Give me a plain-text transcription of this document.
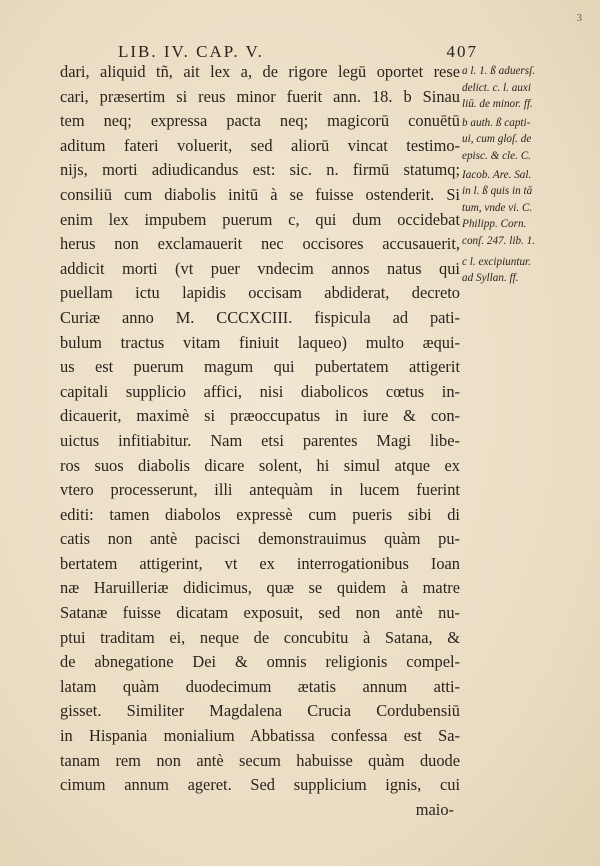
3
LIB. IV. CAP. V.	407
dari, aliquid tñ, ait lex a, de rigore legū oportet rese
cari, præsertim si reus minor fuerit ann. 18. b Sinau
tem neq; expressa pacta neq; magicorū conuētū
aditum fateri voluerit, sed aliorū vincat testimo-
nijs, morti adiudicandus est: sic. n. firmū statumq;
consiliū cum diabolis initū à se fuisse ostenderit. Si
enim lex impubem puerum c, qui dum occidebat
herus non exclamauerit nec occisores accusauerit,
addicit morti (vt puer vndecim annos natus qui
puellam ictu lapidis occisam abdiderat, decreto
Curiæ anno M. CCCXCIII. fispicula ad pati-
bulum tractus vitam finiuit laqueo) multo æqui-
us est puerum magum qui pubertatem attigerit
capitali supplicio affici, nisi diabolicos cœtus in-
dicauerit, maximè si præoccupatus in iure & con-
uictus infitiabitur. Nam etsi parentes Magi libe-
ros suos diabolis dicare solent, hi simul atque ex
vtero processerunt, illi antequàm in lucem fuerint
editi: tamen diabolos expressè cum pueris sibi di
catis non antè pacisci demonstrauimus quàm pu-
bertatem attigerint, vt ex interrogationibus Ioan
næ Haruilleriæ didicimus, quæ se quidem à matre
Satanæ fuisse dicatam exposuit, sed non antè nu-
ptui traditam ei, neque de concubitu à Satana, &
de abnegatione Dei & omnis religionis compel-
latam quàm duodecimum ætatis annum atti-
gisset. Similiter Magdalena Crucia Cordubensiū
in Hispania monialium Abbatissa confessa est Sa-
tanam rem non antè secum habuisse quàm duode
cimum annum ageret. Sed supplicium ignis, cui
maio-
a l. 1. ß aduersſ.
delict. c. l. auxi
liū. de minor. ff.
b auth. ß capti-
ui, cum gloſ. de
episc. & cle. C.
Iacob. Are. Sal.
in l. ß quis in tā
tum, vnde vi. C.
Philipp. Corn.
conſ. 247. lib. 1.
c l. excipiuntur.
ad Syllan. ff.
